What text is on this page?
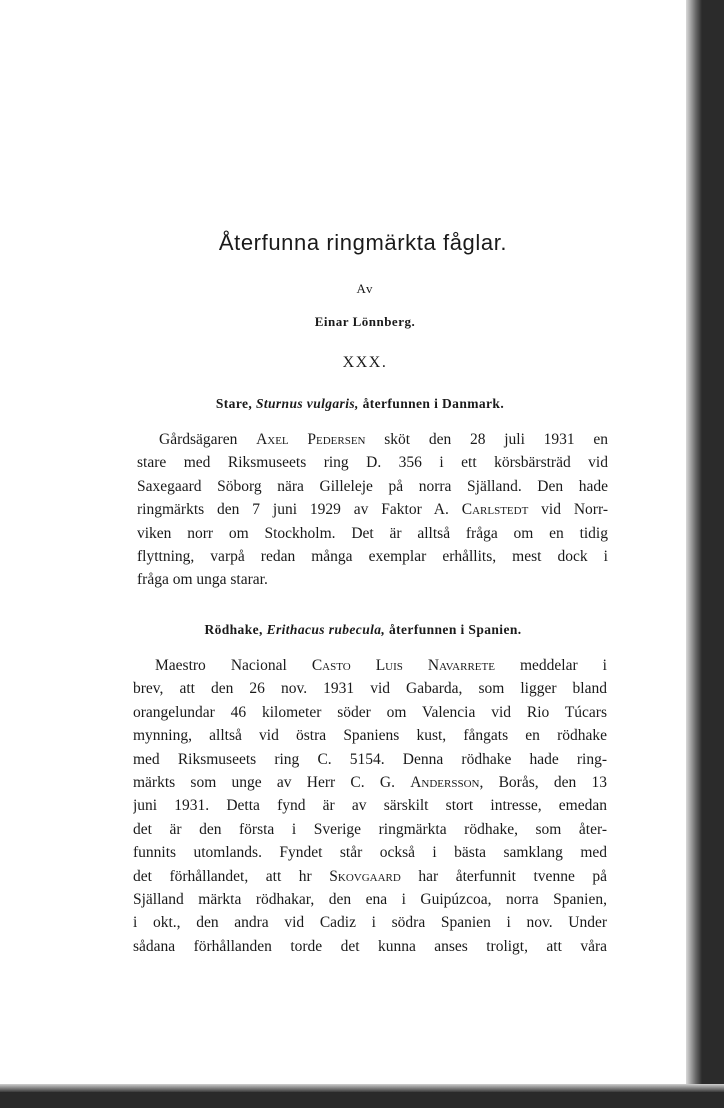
Återfunna ringmärkta fåglar.
Av
Einar Lönnberg.
XXX.
Stare, Sturnus vulgaris, återfunnen i Danmark.
Gårdsägaren Axel Pedersen sköt den 28 juli 1931 en
stare med Riksmuseets ring D. 356 i ett körsbärsträd vid
Saxegaard Söborg nära Gilleleje på norra Själland. Den hade
ringmärkts den 7 juni 1929 av Faktor A. Carlstedt vid Norr-
viken norr om Stockholm. Det är alltså fråga om en tidig
flyttning, varpå redan många exemplar erhållits, mest dock i
fråga om unga starar.
Rödhake, Erithacus rubecula, återfunnen i Spanien.
Maestro Nacional Casto Luis Navarrete meddelar i
brev, att den 26 nov. 1931 vid Gabarda, som ligger bland
orangelundar 46 kilometer söder om Valencia vid Rio Túcars
mynning, alltså vid östra Spaniens kust, fångats en rödhake
med Riksmuseets ring C. 5154. Denna rödhake hade ring-
märkts som unge av Herr C. G. Andersson, Borås, den 13
juni 1931. Detta fynd är av särskilt stort intresse, emedan
det är den första i Sverige ringmärkta rödhake, som åter-
funnits utomlands. Fyndet står också i bästa samklang med
det förhållandet, att hr Skovgaard har återfunnit tvenne på
Själland märkta rödhakar, den ena i Guipúzcoa, norra Spanien,
i okt., den andra vid Cadiz i södra Spanien i nov. Under
sådana förhållanden torde det kunna anses troligt, att våra
